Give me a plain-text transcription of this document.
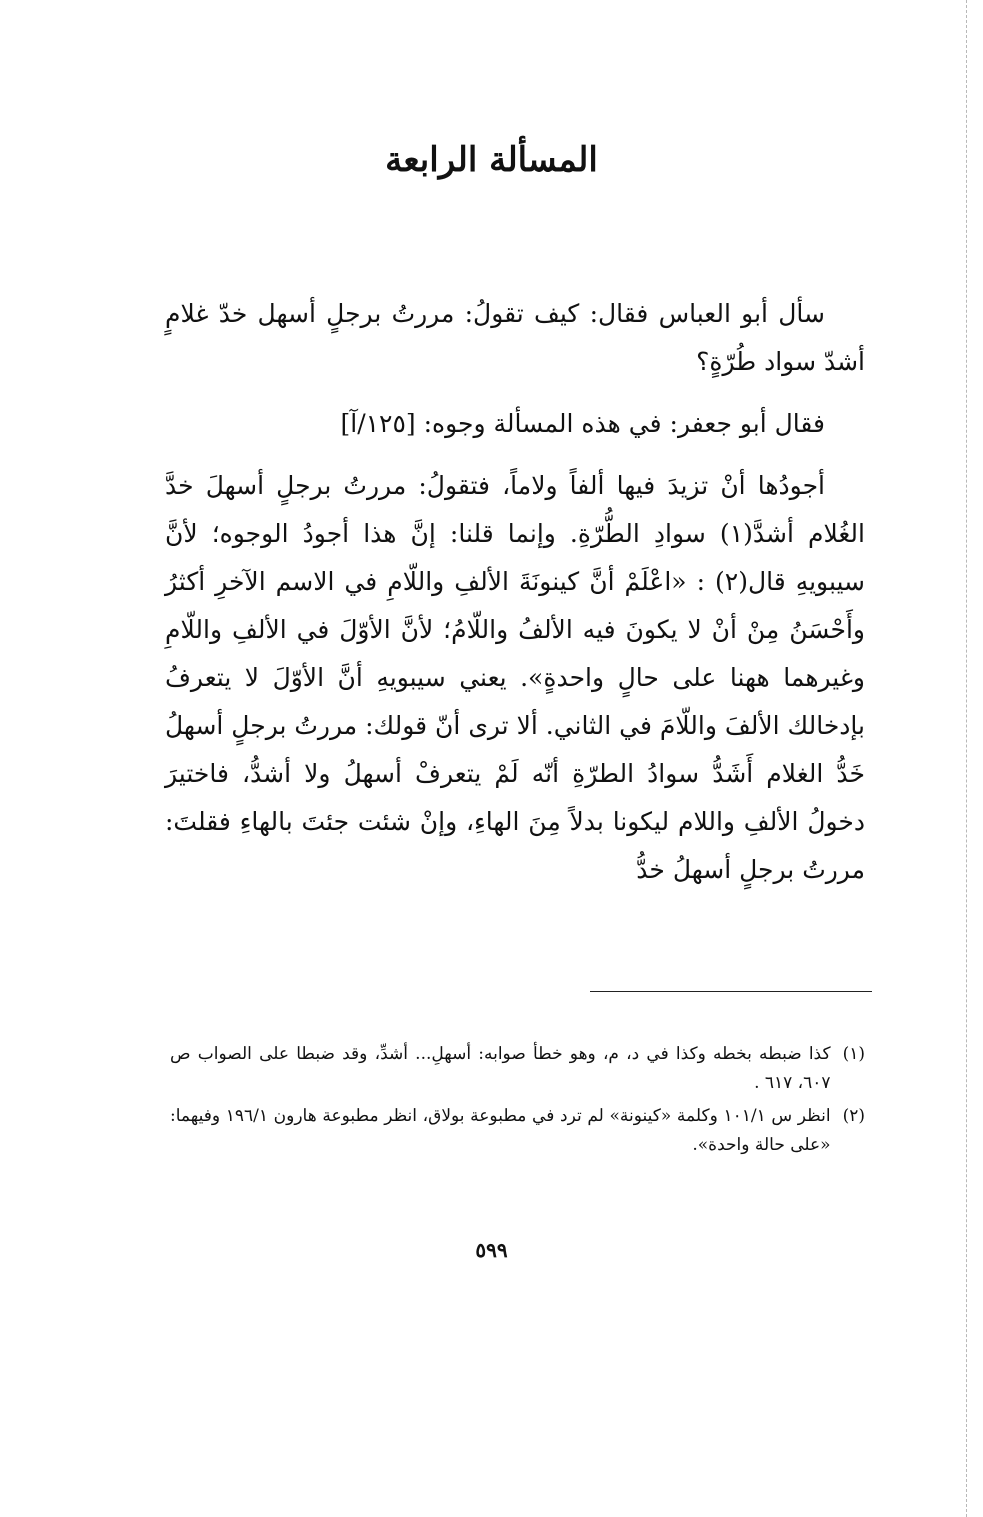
المسألة الرابعة

سأل أبو العباس فقال: كيف تقولُ: مررتُ برجلٍ أسهل خدّ غلامٍ أشدّ سواد طُرّةٍ؟

فقال أبو جعفر: في هذه المسألة وجوه: [١٢٥/آ]

أجودُها أنْ تزيدَ فيها ألفاً ولاماً، فتقولُ: مررتُ برجلٍ أسهلَ خدَّ الغُلام أشدَّ(١) سوادِ الطُّرّةِ. وإنما قلنا: إنَّ هذا أجودُ الوجوه؛ لأنَّ سيبويهِ قال(٢) : «اعْلَمْ أنَّ كينونَةَ الألفِ واللّامِ في الاسم الآخرِ أكثرُ وأَحْسَنُ مِنْ أنْ لا يكونَ فيه الألفُ واللّامُ؛ لأنَّ الأوّلَ في الألفِ واللّامِ وغيرهما ههنا على حالٍ واحدةٍ». يعني سيبويهِ أنَّ الأوّلَ لا يتعرفُ بإدخالك الألفَ واللّامَ في الثاني. ألا ترى أنّ قولك: مررتُ برجلٍ أسهلُ خَدُّ الغلام أَشَدُّ سوادُ الطرّةِ أنّه لَمْ يتعرفْ أسهلُ ولا أشدُّ، فاختيرَ دخولُ الألفِ واللام ليكونا بدلاً مِنَ الهاءِ، وإنْ شئت جئتَ بالهاءِ فقلتَ: مررتُ برجلٍ أسهلُ خدُّ

(١)
كذا ضبطه بخطه وكذا في د، م، وهو خطأ صوابه: أسهلِ... أشدِّ، وقد ضبطا على الصواب ص ٦٠٧، ٦١٧ .
(٢)
انظر س ١٠١/١ وكلمة «كينونة» لم ترد في مطبوعة بولاق، انظر مطبوعة هارون ١٩٦/١ وفيهما: «على حالة واحدة».
٥٩٩
